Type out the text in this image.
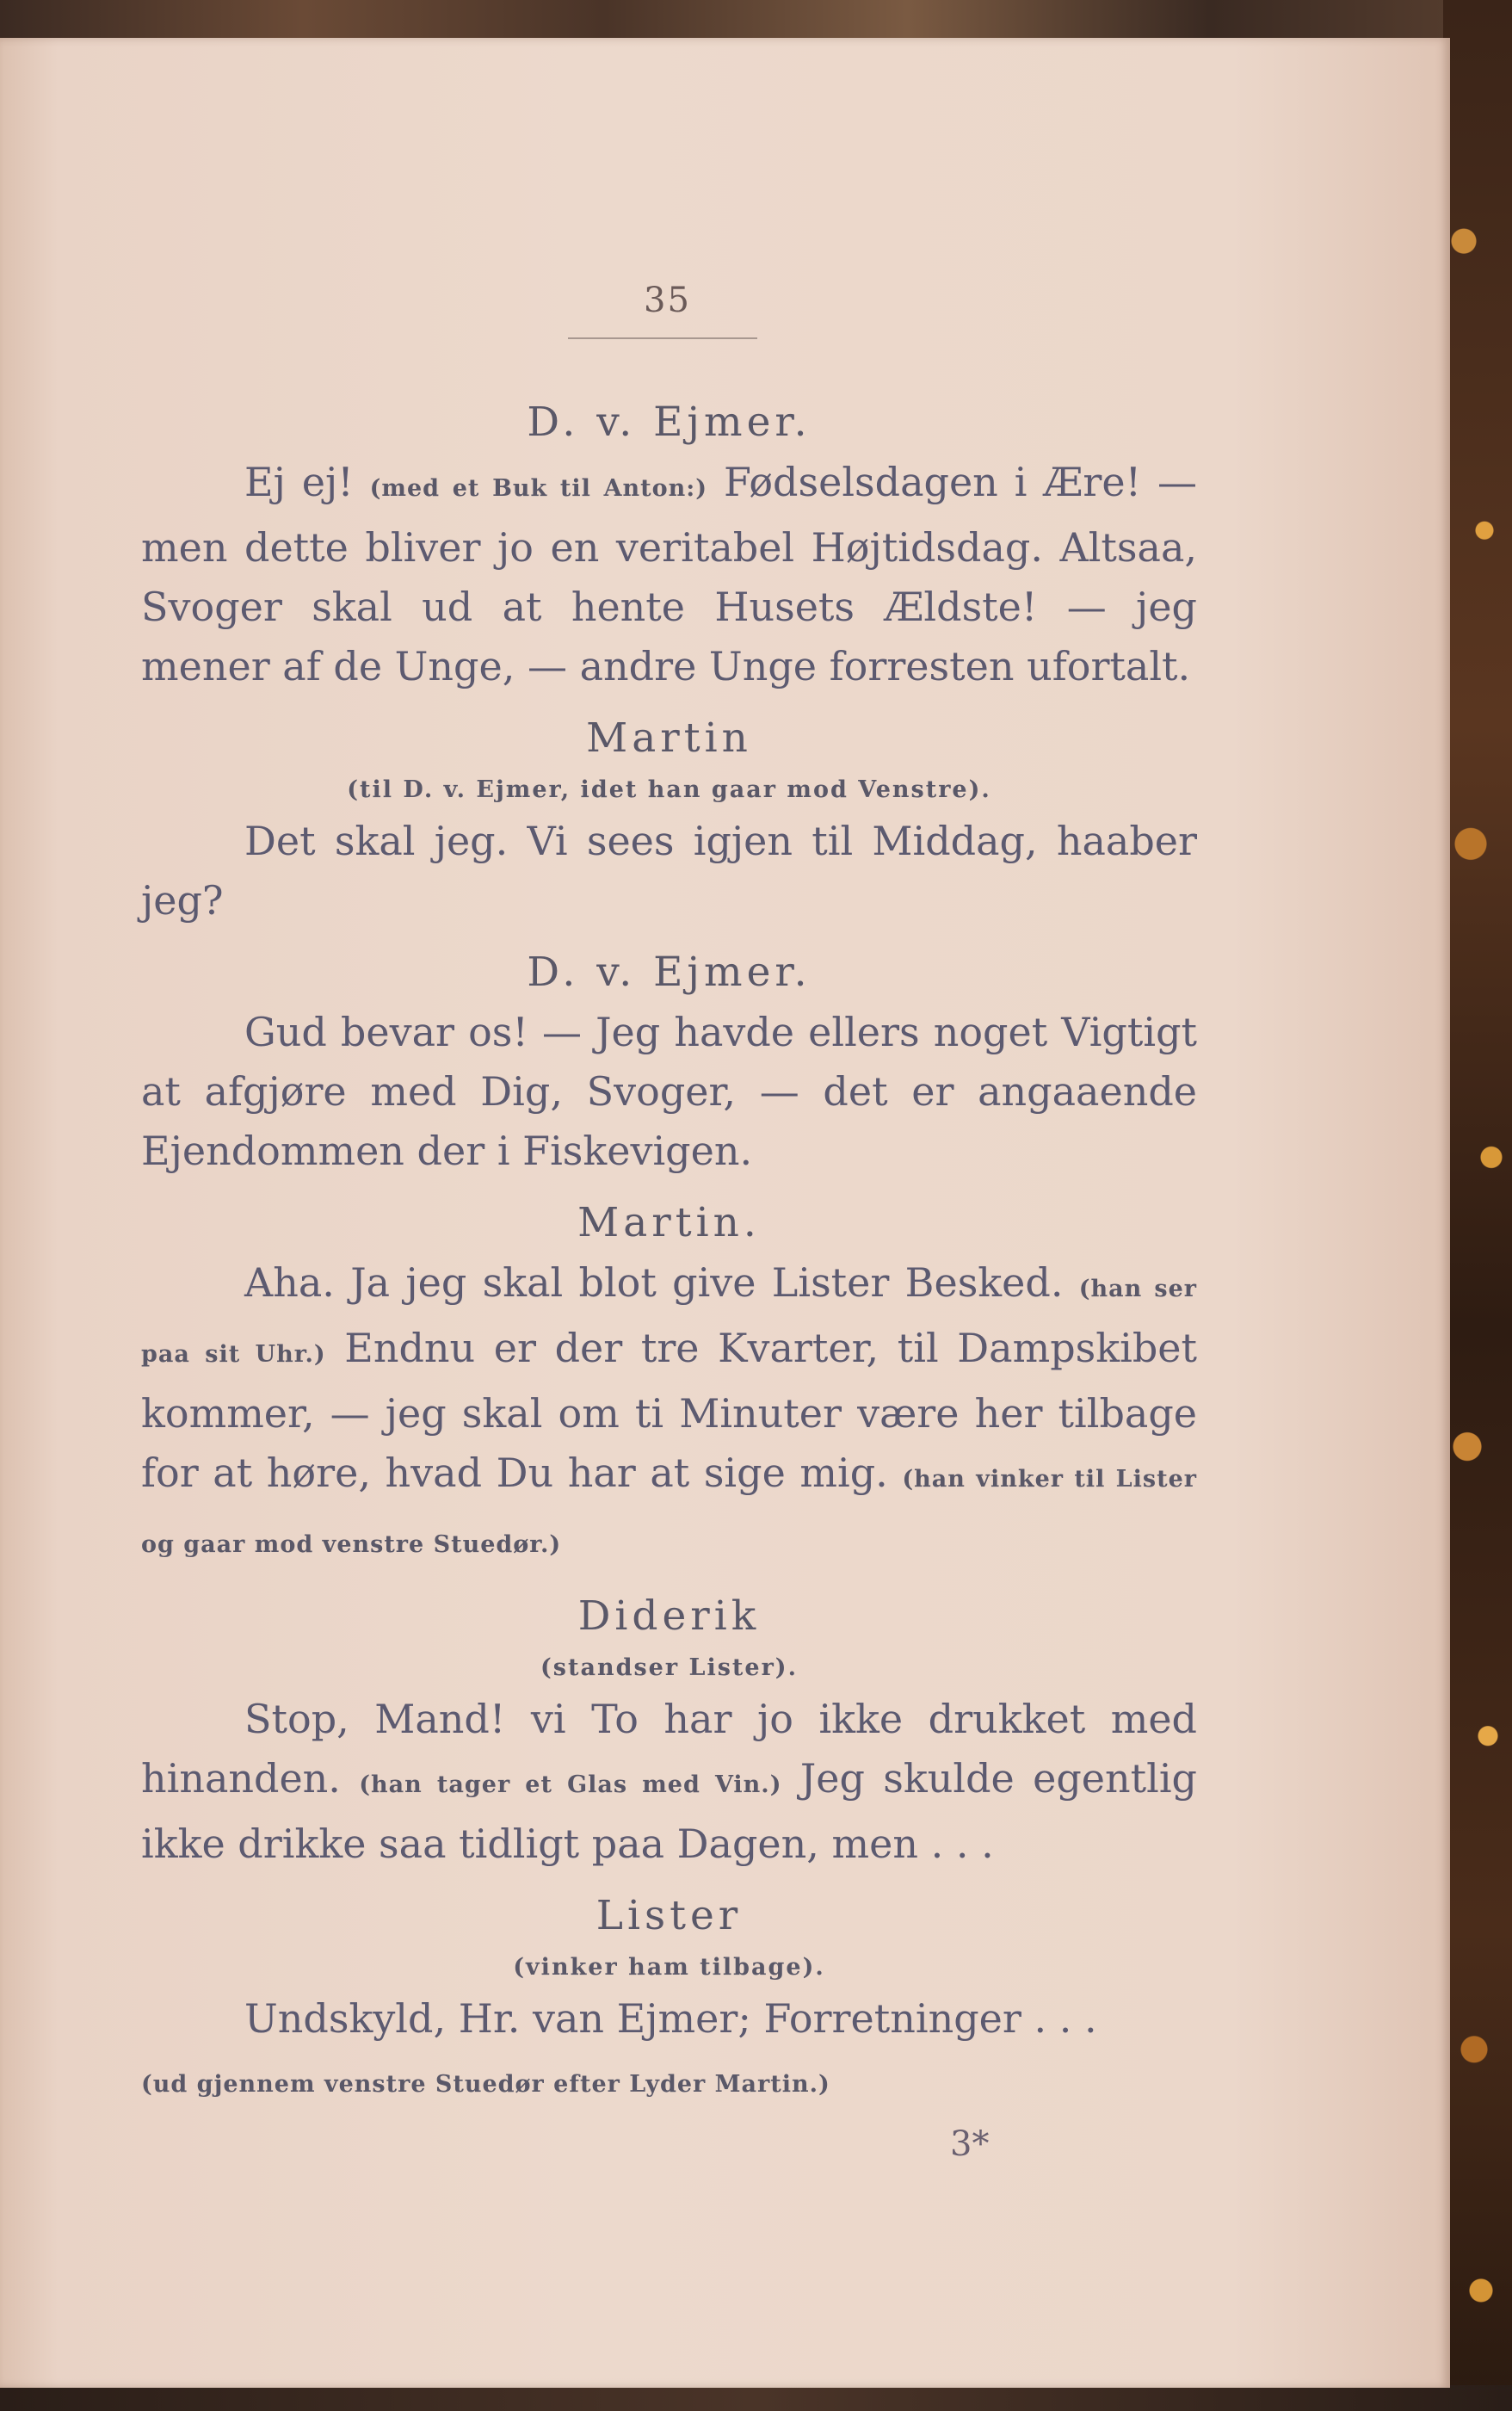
35
D. v. Ejmer.

Ej ej! (med et Buk til Anton:) Fødselsdagen i Ære! — men dette bliver jo en veritabel Højtidsdag. Altsaa, Svoger skal ud at hente Husets Ældste! — jeg mener af de Unge, — andre Unge forresten ufortalt.

Martin
(til D. v. Ejmer, idet han gaar mod Venstre).

Det skal jeg. Vi sees igjen til Middag, haaber jeg?

D. v. Ejmer.

Gud bevar os! — Jeg havde ellers noget Vigtigt at afgjøre med Dig, Svoger, — det er angaaende Ejendommen der i Fiskevigen.

Martin.

Aha. Ja jeg skal blot give Lister Besked. (han ser paa sit Uhr.) Endnu er der tre Kvarter, til Dampskibet kommer, — jeg skal om ti Minuter være her tilbage for at høre, hvad Du har at sige mig. (han vinker til Lister og gaar mod venstre Stuedør.)

Diderik
(standser Lister).

Stop, Mand! vi To har jo ikke drukket med hinanden. (han tager et Glas med Vin.) Jeg skulde egentlig ikke drikke saa tidligt paa Dagen, men . . .

Lister
(vinker ham tilbage).

Undskyld, Hr. van Ejmer; Forretninger . . .
(ud gjennem venstre Stuedør efter Lyder Martin.)

3*
